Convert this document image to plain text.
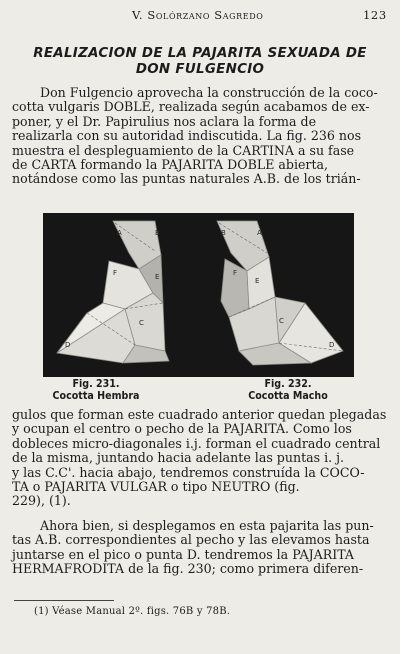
V. Solórzano Sagredo	123
REALIZACION DE LA PAJARITA SEXUADA DE
DON FULGENCIO
Don Fulgencio aprovecha la construcción de la coco-
cotta vulgaris DOBLE, realizada según acabamos de ex-
poner, y el Dr. Papirulius nos aclara la forma de
realizarla con su autoridad indiscutida. La fig. 236 nos
muestra el despleguamiento de la CARTINA a su fase
de CARTA formando la PAJARITA DOBLE abierta,
notándose como las puntas naturales A.B. de los trián-
A	B
F	E
C
D
B	A
F
E
C
D
Fig. 231.
Cocotta Hembra
Fig. 232.
Cocotta Macho
gulos que forman este cuadrado anterior quedan plegadas
y ocupan el centro o pecho de la PAJARITA. Como los
dobleces micro-diagonales i.j. forman el cuadrado central
de la misma, juntando hacia adelante las puntas i. j.
y las C.C'. hacia abajo, tendremos construída la COCO-
TA o PAJARITA VULGAR o tipo NEUTRO (fig.
229), (1).
Ahora bien, si desplegamos en esta pajarita las pun-
tas A.B. correspondientes al pecho y las elevamos hasta
juntarse en el pico o punta D. tendremos la PAJARITA
HERMAFRODITA de la fig. 230; como primera diferen-
(1) Véase Manual 2º. figs. 76B y 78B.
